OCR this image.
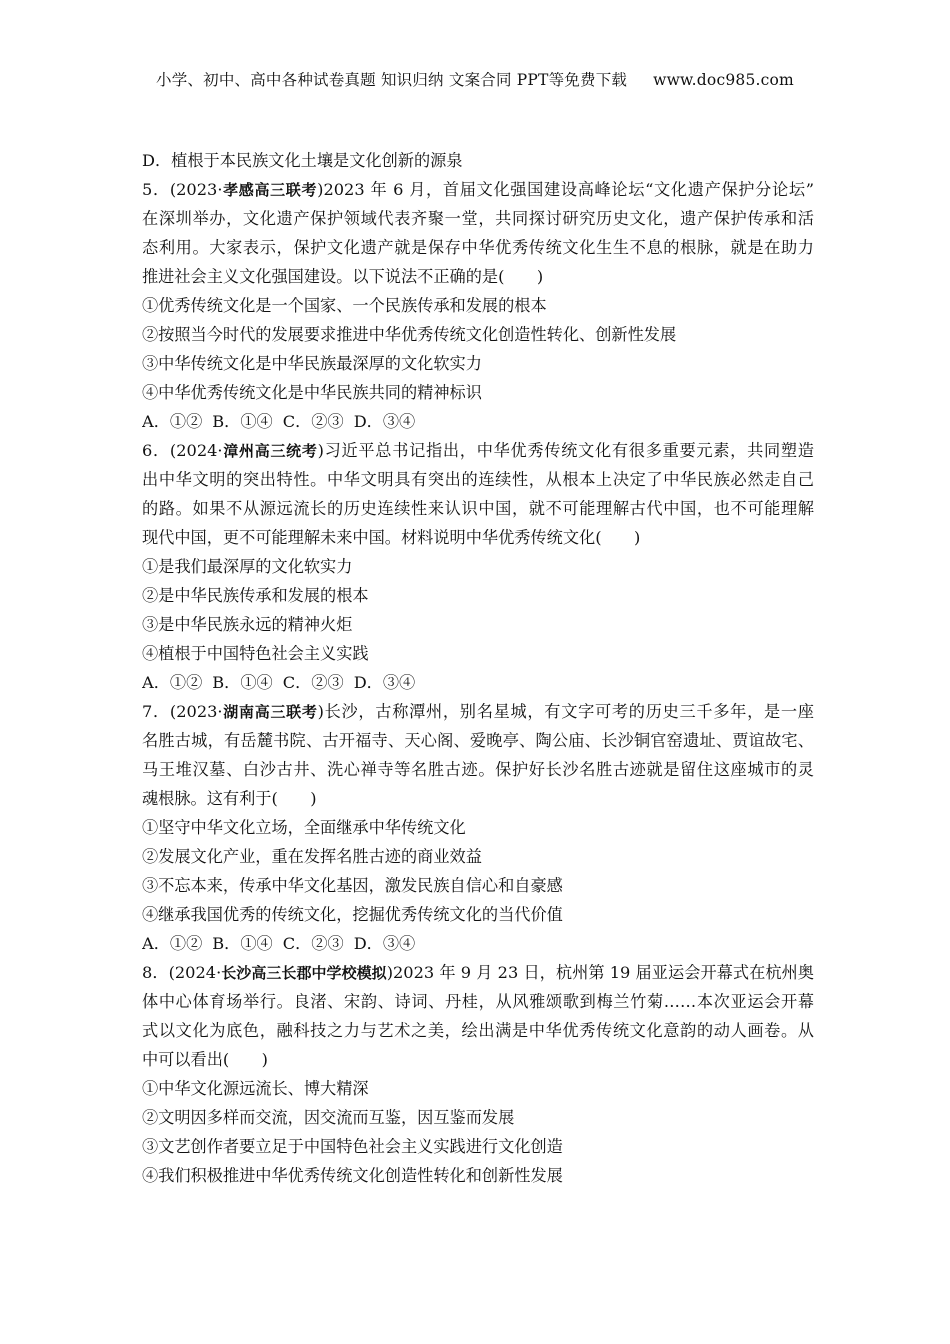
小学、初中、高中各种试卷真题 知识归纳 文案合同 PPT等免费下载 www.doc985.com
D．植根于本民族文化土壤是文化创新的源泉
5．(2023·孝感高三联考)2023 年 6 月，首届文化强国建设高峰论坛“文化遗产保护分论坛”
在深圳举办，文化遗产保护领域代表齐聚一堂，共同探讨研究历史文化，遗产保护传承和活
态利用。大家表示，保护文化遗产就是保存中华优秀传统文化生生不息的根脉，就是在助力
推进社会主义文化强国建设。以下说法不正确的是(　　)
①优秀传统文化是一个国家、一个民族传承和发展的根本
②按照当今时代的发展要求推进中华优秀传统文化创造性转化、创新性发展
③中华传统文化是中华民族最深厚的文化软实力
④中华优秀传统文化是中华民族共同的精神标识
A．①② B．①④ C．②③ D．③④
6．(2024·漳州高三统考)习近平总书记指出，中华优秀传统文化有很多重要元素，共同塑造
出中华文明的突出特性。中华文明具有突出的连续性，从根本上决定了中华民族必然走自己
的路。如果不从源远流长的历史连续性来认识中国，就不可能理解古代中国，也不可能理解
现代中国，更不可能理解未来中国。材料说明中华优秀传统文化(　　)
①是我们最深厚的文化软实力
②是中华民族传承和发展的根本
③是中华民族永远的精神火炬
④植根于中国特色社会主义实践
A．①② B．①④ C．②③ D．③④
7．(2023·湖南高三联考)长沙，古称潭州，别名星城，有文字可考的历史三千多年，是一座
名胜古城，有岳麓书院、古开福寺、天心阁、爱晚亭、陶公庙、长沙铜官窑遗址、贾谊故宅、
马王堆汉墓、白沙古井、洗心禅寺等名胜古迹。保护好长沙名胜古迹就是留住这座城市的灵
魂根脉。这有利于(　　)
①坚守中华文化立场，全面继承中华传统文化
②发展文化产业，重在发挥名胜古迹的商业效益
③不忘本来，传承中华文化基因，激发民族自信心和自豪感
④继承我国优秀的传统文化，挖掘优秀传统文化的当代价值
A．①② B．①④ C．②③ D．③④
8．(2024·长沙高三长郡中学校模拟)2023 年 9 月 23 日，杭州第 19 届亚运会开幕式在杭州奥
体中心体育场举行。良渚、宋韵、诗词、丹桂，从风雅颂歌到梅兰竹菊……本次亚运会开幕
式以文化为底色，融科技之力与艺术之美，绘出满是中华优秀传统文化意韵的动人画卷。从
中可以看出(　　)
①中华文化源远流长、博大精深
②文明因多样而交流，因交流而互鉴，因互鉴而发展
③文艺创作者要立足于中国特色社会主义实践进行文化创造
④我们积极推进中华优秀传统文化创造性转化和创新性发展
